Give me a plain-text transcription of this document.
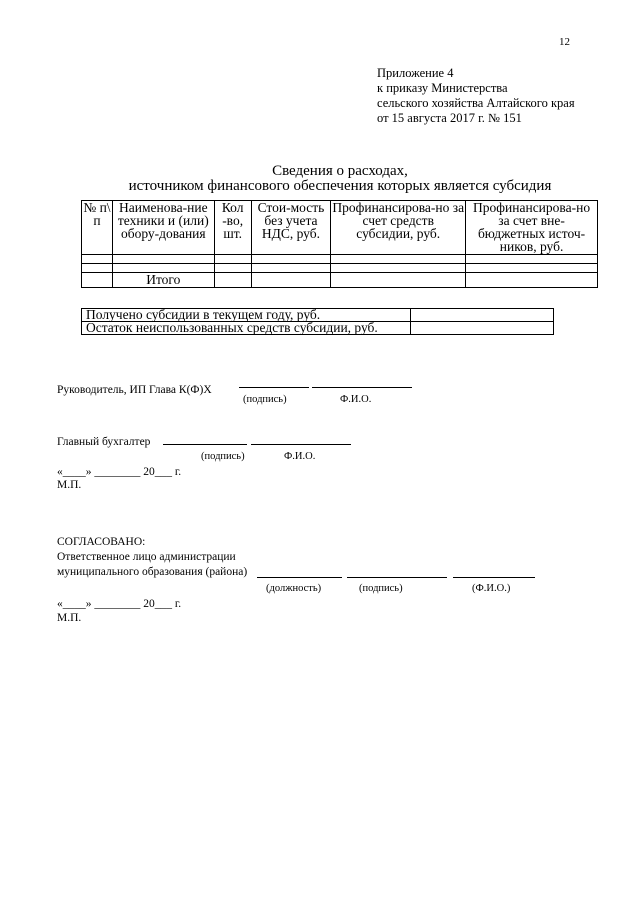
12
Приложение 4
к приказу Министерства
сельского хозяйства Алтайского края
от 15 августа 2017 г. № 151
Сведения о расходах,
источником финансового обеспечения которых является субсидия
№ п\ п	Наименова-ние техники и (или) обору-дования	Кол -во, шт.	Стои-мость без учета НДС, руб.	Профинансирова-но за счет средств субсидии, руб.	Профинансирова-но за счет вне-бюджетных источ-ников, руб.

	Итого				
Получено субсидии в текущем году, руб.	
Остаток неиспользованных средств субсидии, руб.	
Руководитель, ИП Глава К(Ф)Х
(подпись)	Ф.И.О.
Главный бухгалтер
(подпись)	Ф.И.О.
«____» ________ 20___ г.
М.П.
СОГЛАСОВАНО:
Ответственное лицо администрации
муниципального образования (района)
(должность)	(подпись)	(Ф.И.О.)
«____» ________ 20___ г.
М.П.
